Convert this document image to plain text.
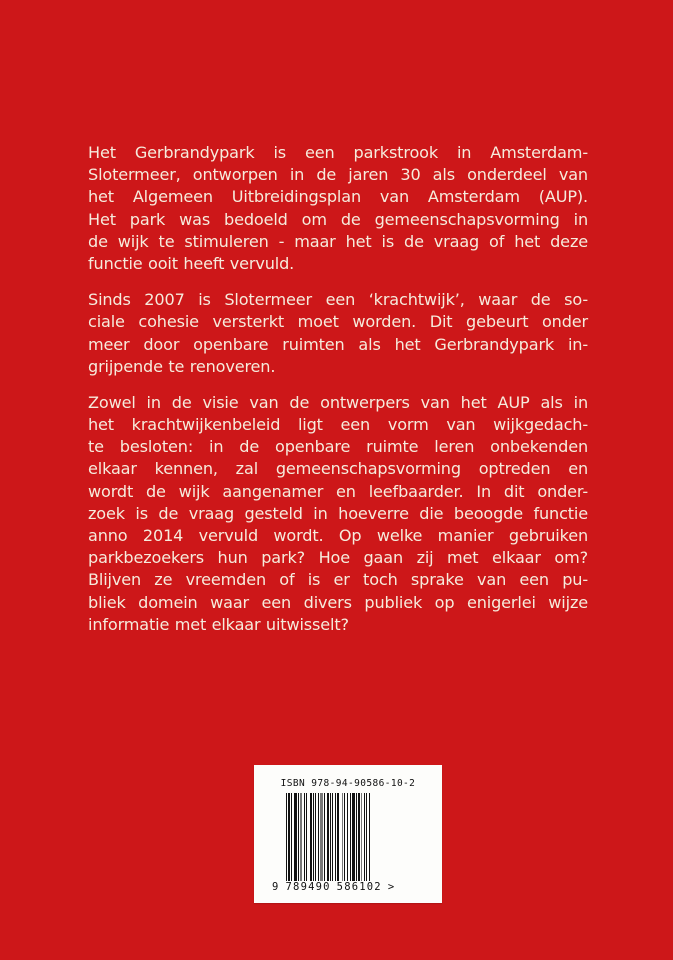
Het Gerbrandypark is een parkstrook in Amsterdam-
Slotermeer, ontworpen in de jaren 30 als onderdeel van
het Algemeen Uitbreidingsplan van Amsterdam (AUP).
Het park was bedoeld om de gemeenschapsvorming in
de wijk te stimuleren - maar het is de vraag of het deze
functie ooit heeft vervuld.

Sinds 2007 is Slotermeer een ‘krachtwijk’, waar de so-
ciale cohesie versterkt moet worden. Dit gebeurt onder
meer door openbare ruimten als het Gerbrandypark in-
grijpende te renoveren.

Zowel in de visie van de ontwerpers van het AUP als in
het krachtwijkenbeleid ligt een vorm van wijkgedach-
te besloten: in de openbare ruimte leren onbekenden
elkaar kennen, zal gemeenschapsvorming optreden en
wordt de wijk aangenamer en leefbaarder. In dit onder-
zoek is de vraag gesteld in hoeverre die beoogde functie
anno 2014 vervuld wordt. Op welke manier gebruiken
parkbezoekers hun park? Hoe gaan zij met elkaar om?
Blijven ze vreemden of is er toch sprake van een pu-
bliek domein waar een divers publiek op enigerlei wijze
informatie met elkaar uitwisselt?

ISBN 978-94-90586-10-2
9 789490 586102 >
